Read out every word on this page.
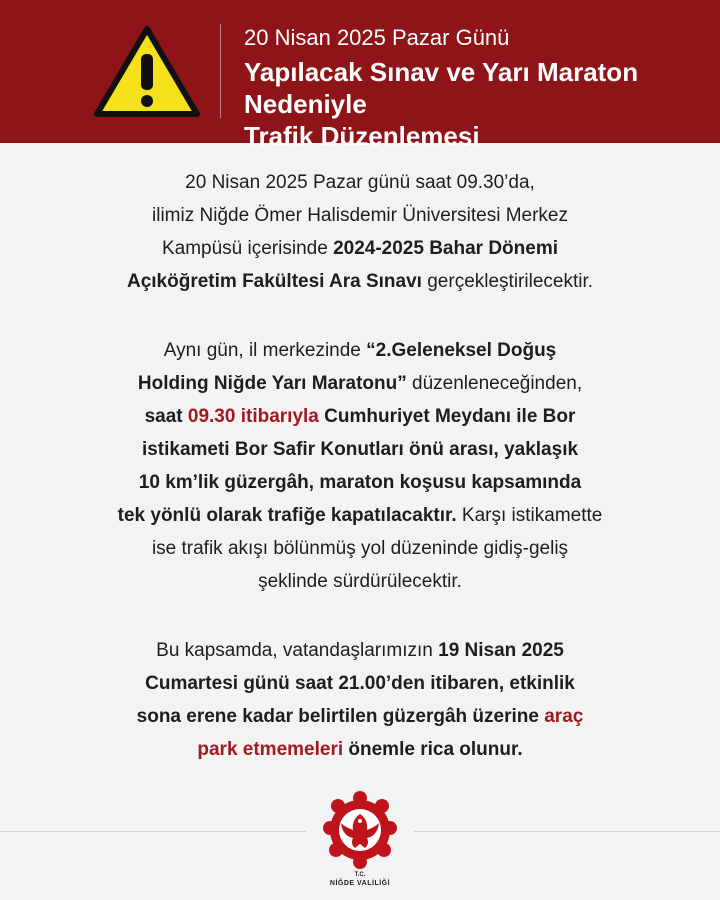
20 Nisan 2025 Pazar Günü
Yapılacak Sınav ve Yarı Maraton Nedeniyle
Trafik Düzenlemesi

20 Nisan 2025 Pazar günü saat 09.30’da,
ilimiz Niğde Ömer Halisdemir Üniversitesi Merkez
Kampüsü içerisinde 2024-2025 Bahar Dönemi
Açıköğretim Fakültesi Ara Sınavı gerçekleştirilecektir.

Aynı gün, il merkezinde “2.Geleneksel Doğuş
Holding Niğde Yarı Maratonu” düzenleneceğinden,
saat 09.30 itibarıyla Cumhuriyet Meydanı ile Bor
istikameti Bor Safir Konutları önü arası, yaklaşık
10 km’lik güzergâh, maraton koşusu kapsamında
tek yönlü olarak trafiğe kapatılacaktır. Karşı istikamette
ise trafik akışı bölünmüş yol düzeninde gidiş-geliş
şeklinde sürdürülecektir.

Bu kapsamda, vatandaşlarımızın 19 Nisan 2025
Cumartesi günü saat 21.00’den itibaren, etkinlik
sona erene kadar belirtilen güzergâh üzerine araç
park etmemeleri önemle rica olunur.

T.C.
NİĞDE VALİLİĞİ
